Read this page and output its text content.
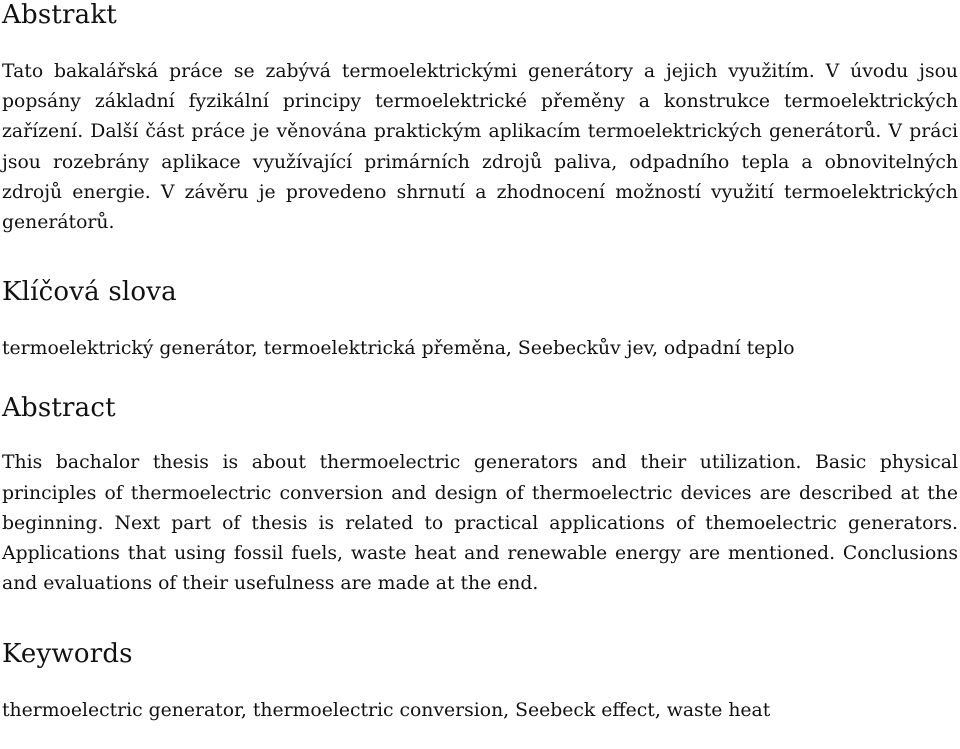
Abstrakt

Tato bakalářská práce se zabývá termoelektrickými generátory a jejich využitím. V úvodu jsou popsány základní fyzikální principy termoelektrické přeměny a konstrukce termoelektrických zařízení. Další část práce je věnována praktickým aplikacím termoelektrických generátorů. V práci jsou rozebrány aplikace využívající primárních zdrojů paliva, odpadního tepla a obnovitelných zdrojů energie. V závěru je provedeno shrnutí a zhodnocení možností využití termoelektrických generátorů.

Klíčová slova

termoelektrický generátor, termoelektrická přeměna, Seebeckův jev, odpadní teplo

Abstract

This bachalor thesis is about thermoelectric generators and their utilization. Basic physical principles of thermoelectric conversion and design of thermoelectric devices are described at the beginning. Next part of thesis is related to practical applications of themoelectric generators. Applications that using fossil fuels, waste heat and renewable energy are mentioned. Conclusions and evaluations of their usefulness are made at the end.

Keywords

thermoelectric generator, thermoelectric conversion, Seebeck effect, waste heat
